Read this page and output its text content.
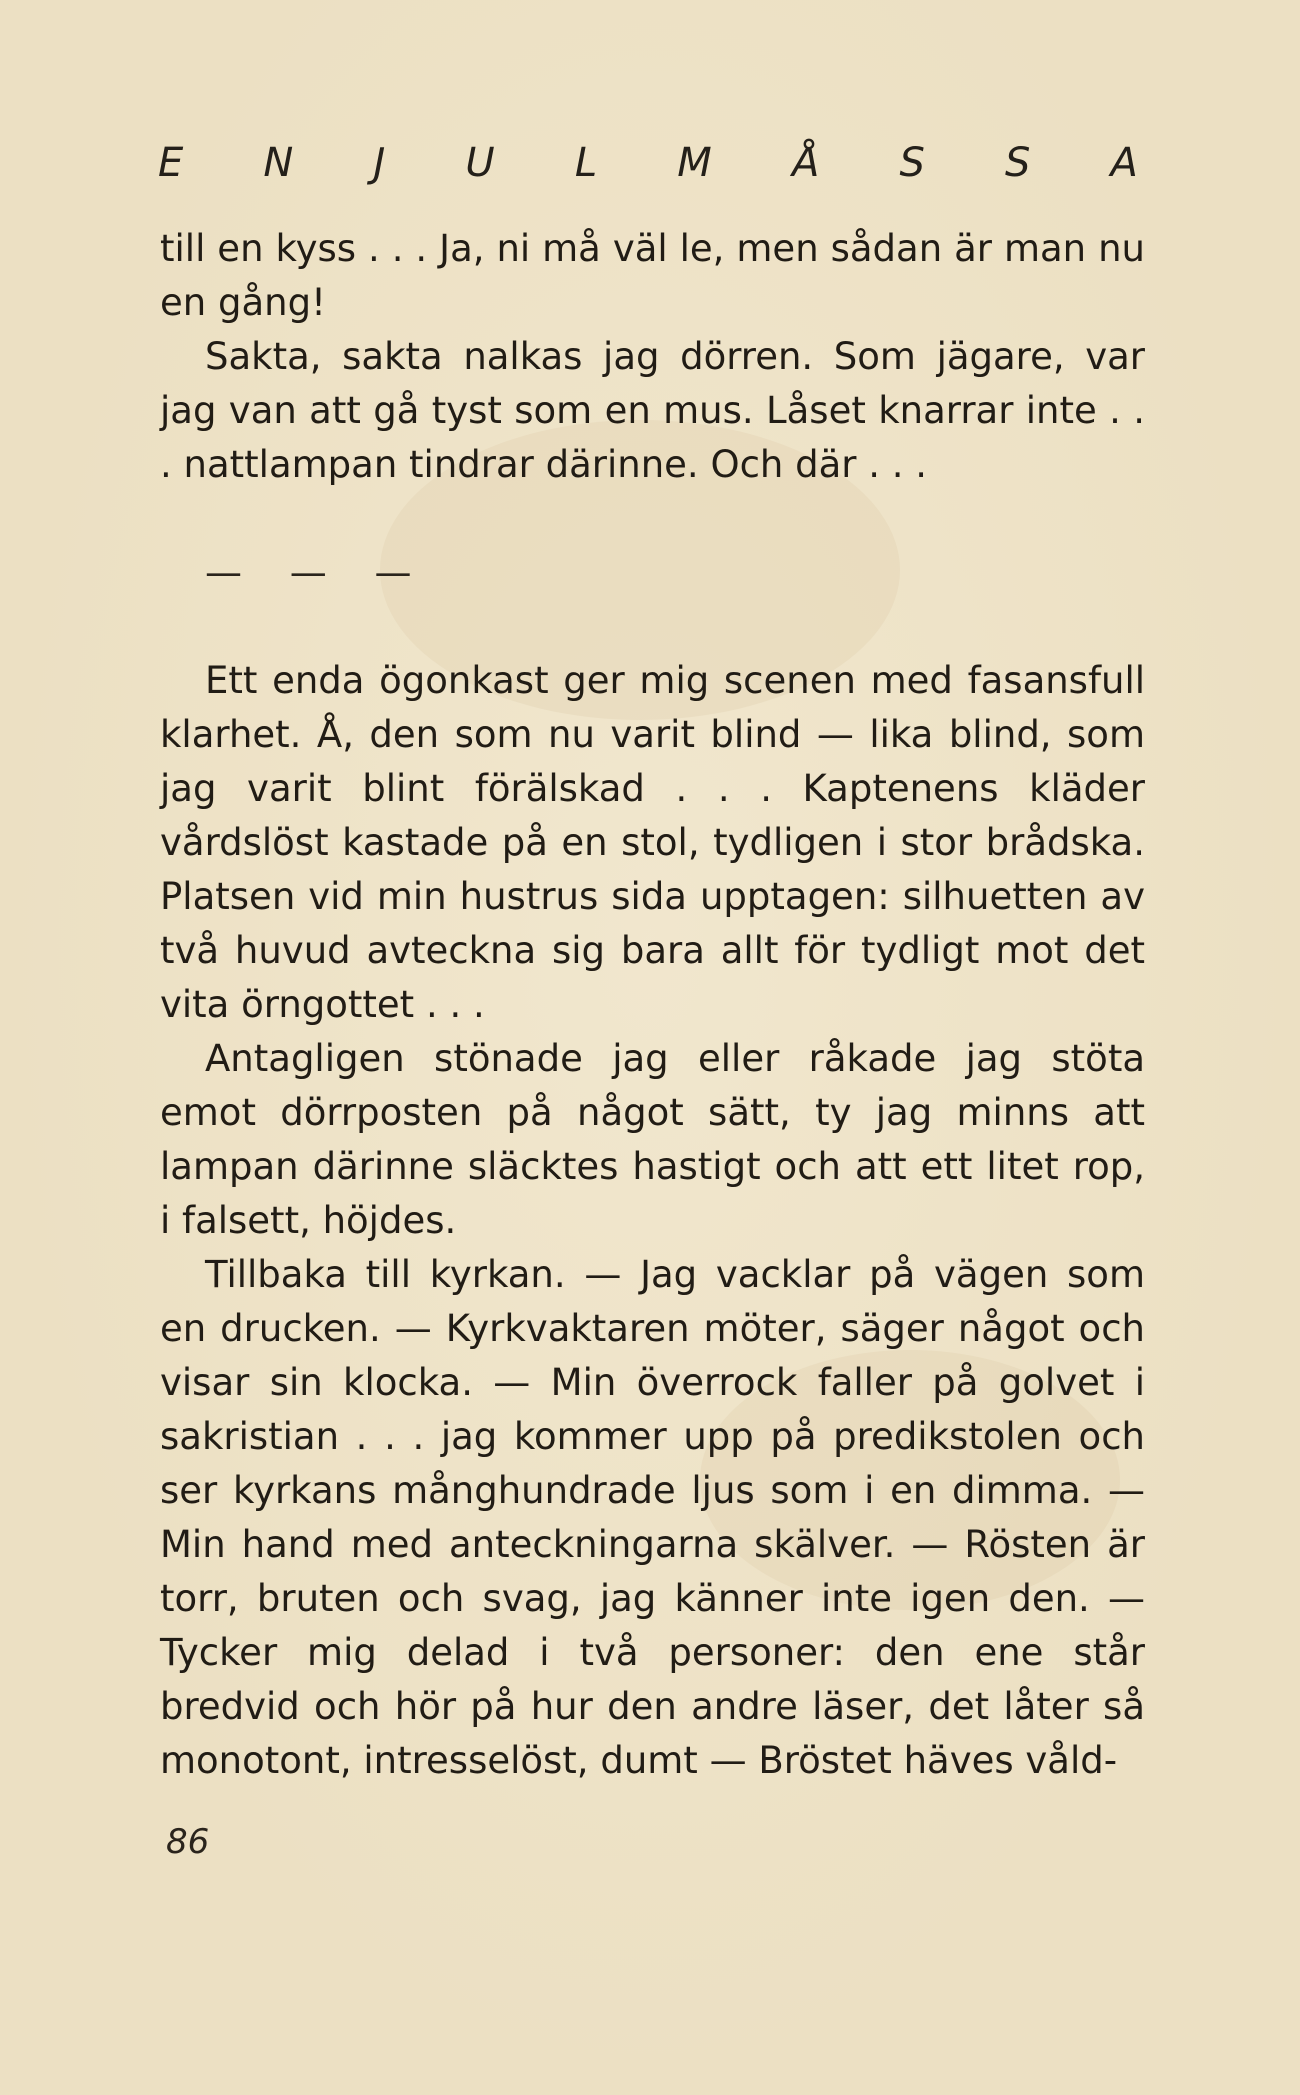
E N J U L M Å S S A

till en kyss . . . Ja, ni må väl le, men sådan är man nu en gång!

Sakta, sakta nalkas jag dörren. Som jägare, var jag van att gå tyst som en mus. Låset knarrar inte . . . nattlampan tindrar därinne. Och där . . .

— — —

Ett enda ögonkast ger mig scenen med fasansfull klarhet. Å, den som nu varit blind — lika blind, som jag varit blint förälskad . . . Kaptenens kläder vårdslöst kastade på en stol, tydligen i stor brådska. Platsen vid min hustrus sida upptagen: silhuetten av två huvud avteckna sig bara allt för tydligt mot det vita örngottet . . .

Antagligen stönade jag eller råkade jag stöta emot dörrposten på något sätt, ty jag minns att lampan därinne släcktes hastigt och att ett litet rop, i falsett, höjdes.

Tillbaka till kyrkan. — Jag vacklar på vägen som en drucken. — Kyrkvaktaren möter, säger något och visar sin klocka. — Min överrock faller på golvet i sakristian . . . jag kommer upp på predikstolen och ser kyrkans månghundrade ljus som i en dimma. — Min hand med anteckningarna skälver. — Rösten är torr, bruten och svag, jag känner inte igen den. — Tycker mig delad i två personer: den ene står bredvid och hör på hur den andre läser, det låter så monotont, intresselöst, dumt — Bröstet häves våld-

86
